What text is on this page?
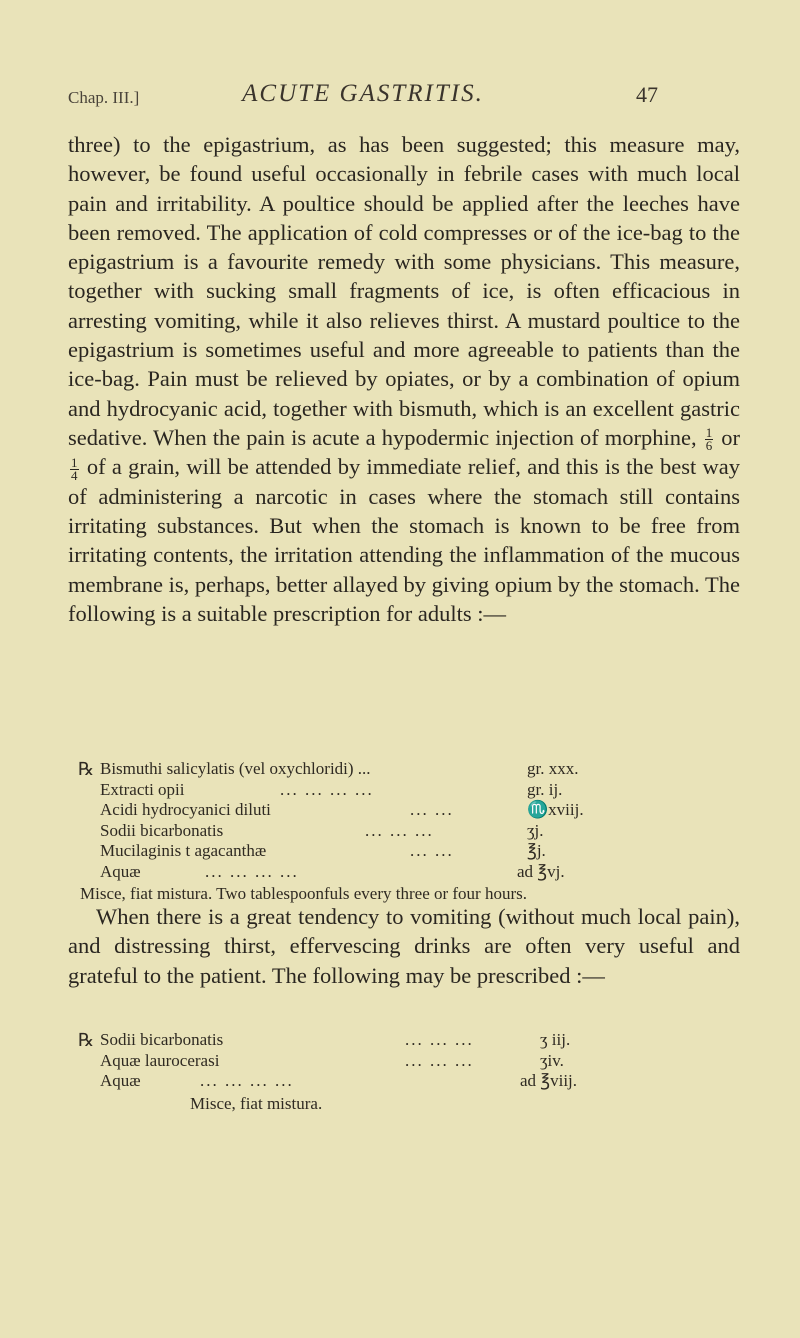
Chap. III.]	ACUTE GASTRITIS.	47

three) to the epigastrium, as has been suggested; this measure may, however, be found useful occasionally in febrile cases with much local pain and irritability. A poultice should be applied after the leeches have been removed. The application of cold compresses or of the ice-bag to the epigastrium is a favourite remedy with some physicians. This measure, together with sucking small fragments of ice, is often efficacious in arresting vomiting, while it also relieves thirst. A mustard poultice to the epigastrium is sometimes useful and more agreeable to patients than the ice-bag. Pain must be relieved by opiates, or by a combination of opium and hydrocyanic acid, together with bismuth, which is an excellent gastric sedative. When the pain is acute a hypodermic injection of morphine, $\frac{1}{6}$ or
$\frac{1}{4}$ of a grain, will be attended by immediate relief, and this is the best way of administering a narcotic in cases where the stomach still contains irritating substances. But when the stomach is known to be free from irritating contents, the irritation attending the inflammation of the mucous membrane is, perhaps, better allayed by giving opium by the stomach. The following is a suitable prescription for adults :—

℞ Bismuthi salicylatis (vel oxychloridi) ...	gr. xxx.
Extracti opii	... ... ... ...	gr. ij.
Acidi hydrocyanici diluti	... ...	♏xviij.
Sodii bicarbonatis	... ... ...	ʒj.
Mucilaginis t agacanthæ	... ...	℥j.
Aquæ	... ... ... ...	ad ℥vj.
Misce, fiat mistura. Two tablespoonfuls every three or four hours.

When there is a great tendency to vomiting (without much local pain), and distressing thirst, effervescing drinks are often very useful and grateful to the patient. The following may be prescribed :—

℞ Sodii bicarbonatis	... ... ...	ʒ iij.
Aquæ laurocerasi	... ... ...	ʒiv.
Aquæ	... ... ... ...	ad ℥viij.
Misce, fiat mistura.
